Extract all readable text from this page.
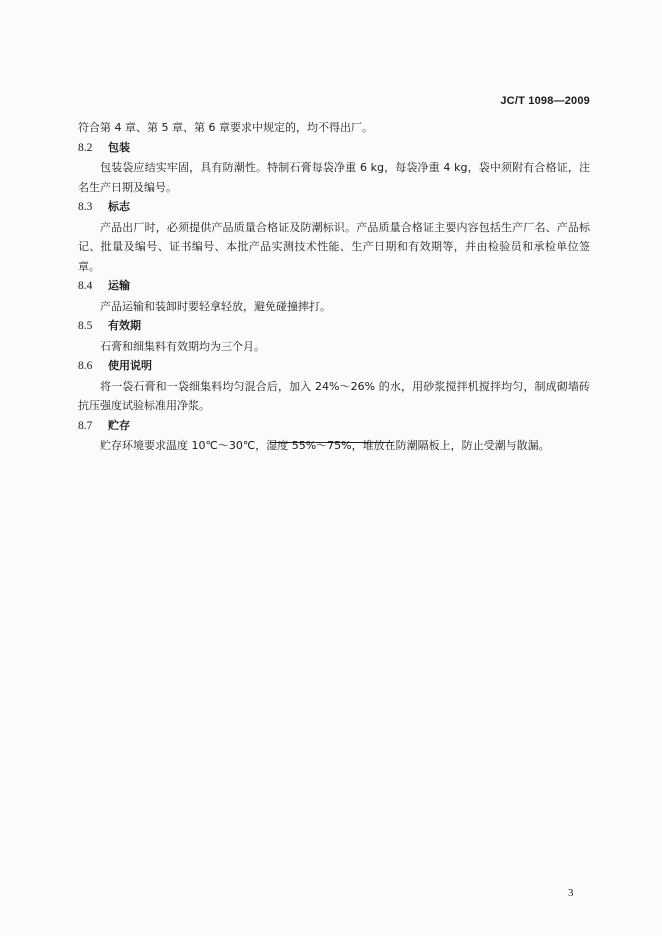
JC/T 1098—2009

符合第 4 章、第 5 章、第 6 章要求中规定的，均不得出厂。

8.2	包装

包装袋应结实牢固，具有防潮性。特制石膏每袋净重 6 kg，每袋净重 4 kg，袋中须附有合格证，注名生产日期及编号。

8.3	标志

产品出厂时，必须提供产品质量合格证及防潮标识。产品质量合格证主要内容包括生产厂名、产品标记、批量及编号、证书编号、本批产品实测技术性能、生产日期和有效期等，并由检验员和承检单位签章。

8.4	运输

产品运输和装卸时要轻拿轻放，避免碰撞摔打。

8.5	有效期

石膏和细集料有效期均为三个月。

8.6	使用说明

将一袋石膏和一袋细集料均匀混合后，加入 24%～26% 的水，用砂浆搅拌机搅拌均匀，制成砌墙砖抗压强度试验标准用净浆。

8.7	贮存

贮存环境要求温度 10℃～30℃，湿度 55%～75%，堆放在防潮隔板上，防止受潮与散漏。

3
